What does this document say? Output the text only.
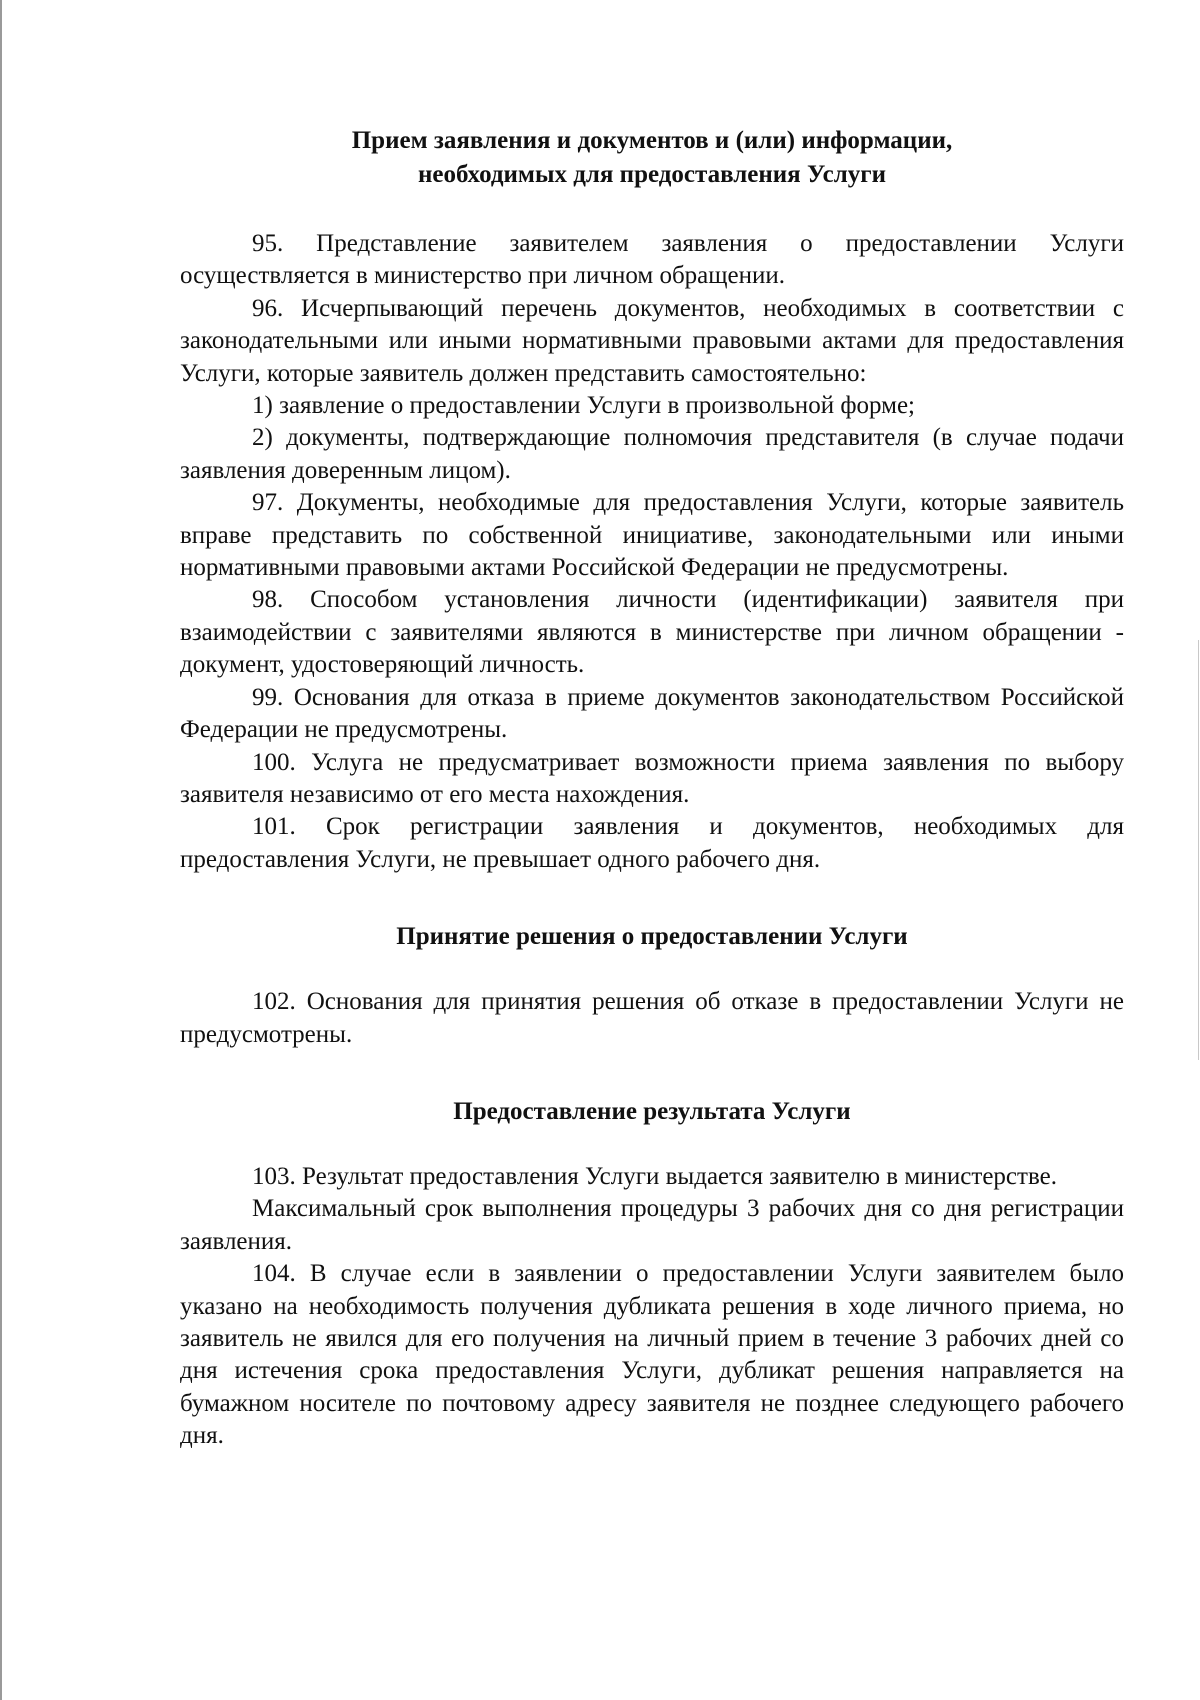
Прием заявления и документов и (или) информации,
необходимых для предоставления Услуги

95. Представление заявителем заявления о предоставлении Услуги осуществляется в министерство при личном обращении.

96. Исчерпывающий перечень документов, необходимых в соответствии с законодательными или иными нормативными правовыми актами для предоставления Услуги, которые заявитель должен представить самостоятельно:

1) заявление о предоставлении Услуги в произвольной форме;

2) документы, подтверждающие полномочия представителя (в случае подачи заявления доверенным лицом).

97. Документы, необходимые для предоставления Услуги, которые заявитель вправе представить по собственной инициативе, законодательными или иными нормативными правовыми актами Российской Федерации не предусмотрены.

98. Способом установления личности (идентификации) заявителя при взаимодействии с заявителями являются в министерстве при личном обращении - документ, удостоверяющий личность.

99. Основания для отказа в приеме документов законодательством Российской Федерации не предусмотрены.

100. Услуга не предусматривает возможности приема заявления по выбору заявителя независимо от его места нахождения.

101. Срок регистрации заявления и документов, необходимых для предоставления Услуги, не превышает одного рабочего дня.

Принятие решения о предоставлении Услуги

102. Основания для принятия решения об отказе в предоставлении Услуги не предусмотрены.

Предоставление результата Услуги

103. Результат предоставления Услуги выдается заявителю в министерстве.

Максимальный срок выполнения процедуры 3 рабочих дня со дня регистрации заявления.

104. В случае если в заявлении о предоставлении Услуги заявителем было указано на необходимость получения дубликата решения в ходе личного приема, но заявитель не явился для его получения на личный прием в течение 3 рабочих дней со дня истечения срока предоставления Услуги, дубликат решения направляется на бумажном носителе по почтовому адресу заявителя не позднее следующего рабочего дня.
